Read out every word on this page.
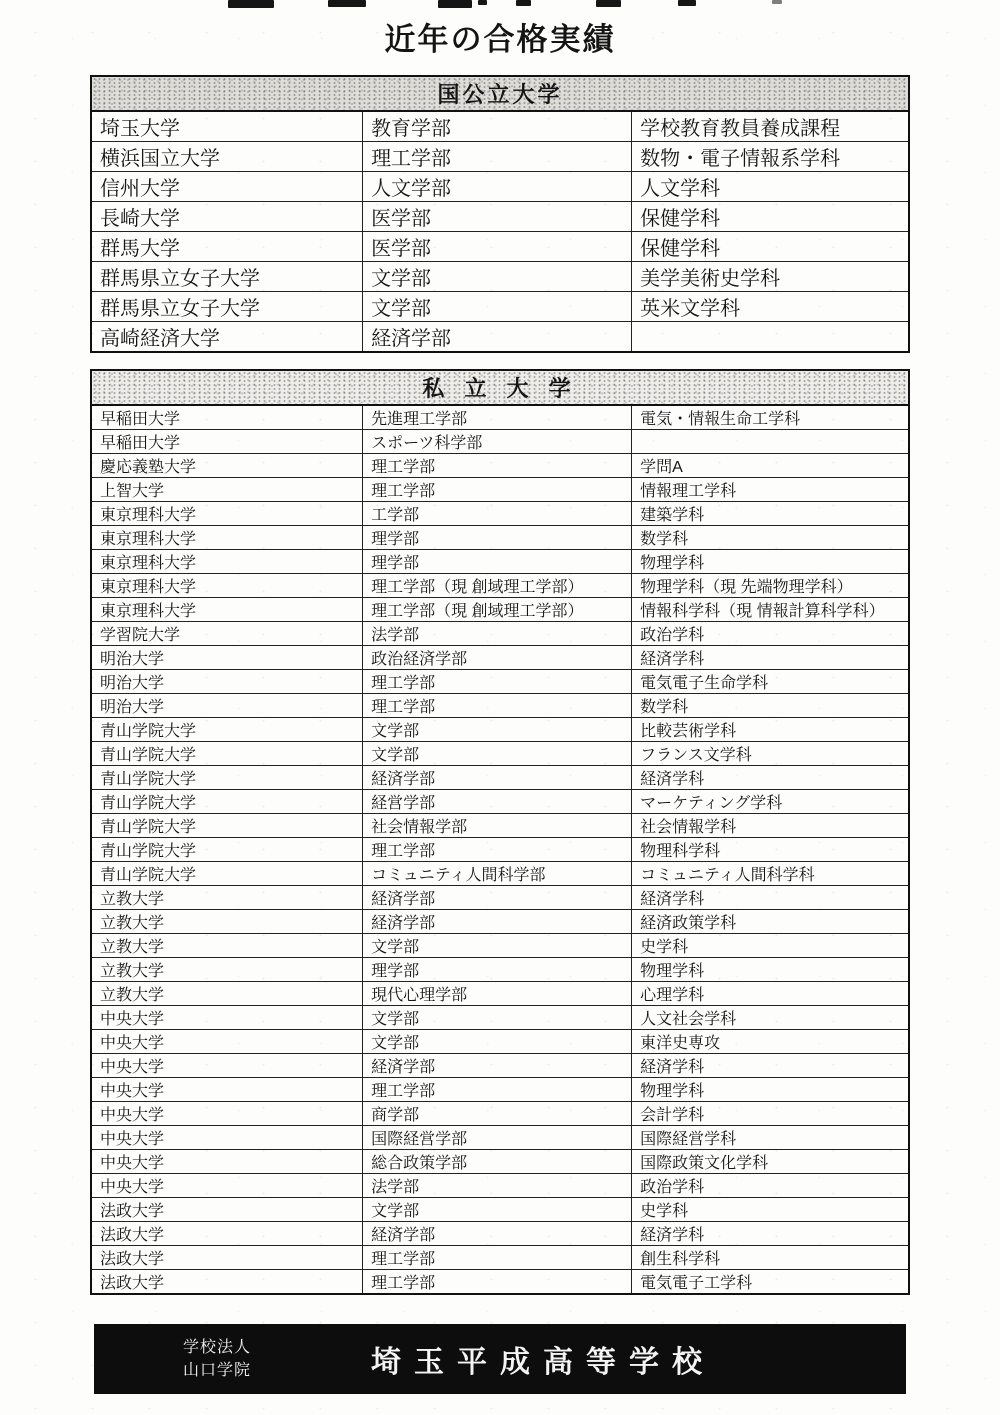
近年の合格実績
国公立大学		
埼玉大学	教育学部	学校教育教員養成課程
横浜国立大学	理工学部	数物・電子情報系学科
信州大学	人文学部	人文学科
長崎大学	医学部	保健学科
群馬大学	医学部	保健学科
群馬県立女子大学	文学部	美学美術史学科
群馬県立女子大学	文学部	英米文学科
高崎経済大学	経済学部	
私 立 大 学		
早稲田大学	先進理工学部	電気・情報生命工学科
早稲田大学	スポーツ科学部	
慶応義塾大学	理工学部	学問A
上智大学	理工学部	情報理工学科
東京理科大学	工学部	建築学科
東京理科大学	理学部	数学科
東京理科大学	理学部	物理学科
東京理科大学	理工学部（現 創域理工学部）	物理学科（現 先端物理学科）
東京理科大学	理工学部（現 創域理工学部）	情報科学科（現 情報計算科学科）
学習院大学	法学部	政治学科
明治大学	政治経済学部	経済学科
明治大学	理工学部	電気電子生命学科
明治大学	理工学部	数学科
青山学院大学	文学部	比較芸術学科
青山学院大学	文学部	フランス文学科
青山学院大学	経済学部	経済学科
青山学院大学	経営学部	マーケティング学科
青山学院大学	社会情報学部	社会情報学科
青山学院大学	理工学部	物理科学科
青山学院大学	コミュニティ人間科学部	コミュニティ人間科学科
立教大学	経済学部	経済学科
立教大学	経済学部	経済政策学科
立教大学	文学部	史学科
立教大学	理学部	物理学科
立教大学	現代心理学部	心理学科
中央大学	文学部	人文社会学科
中央大学	文学部	東洋史専攻
中央大学	経済学部	経済学科
中央大学	理工学部	物理学科
中央大学	商学部	会計学科
中央大学	国際経営学部	国際経営学科
中央大学	総合政策学部	国際政策文化学科
中央大学	法学部	政治学科
法政大学	文学部	史学科
法政大学	経済学部	経済学科
法政大学	理工学部	創生科学科
法政大学	理工学部	電気電子工学科
学校法人
山口学院	埼玉平成高等学校
